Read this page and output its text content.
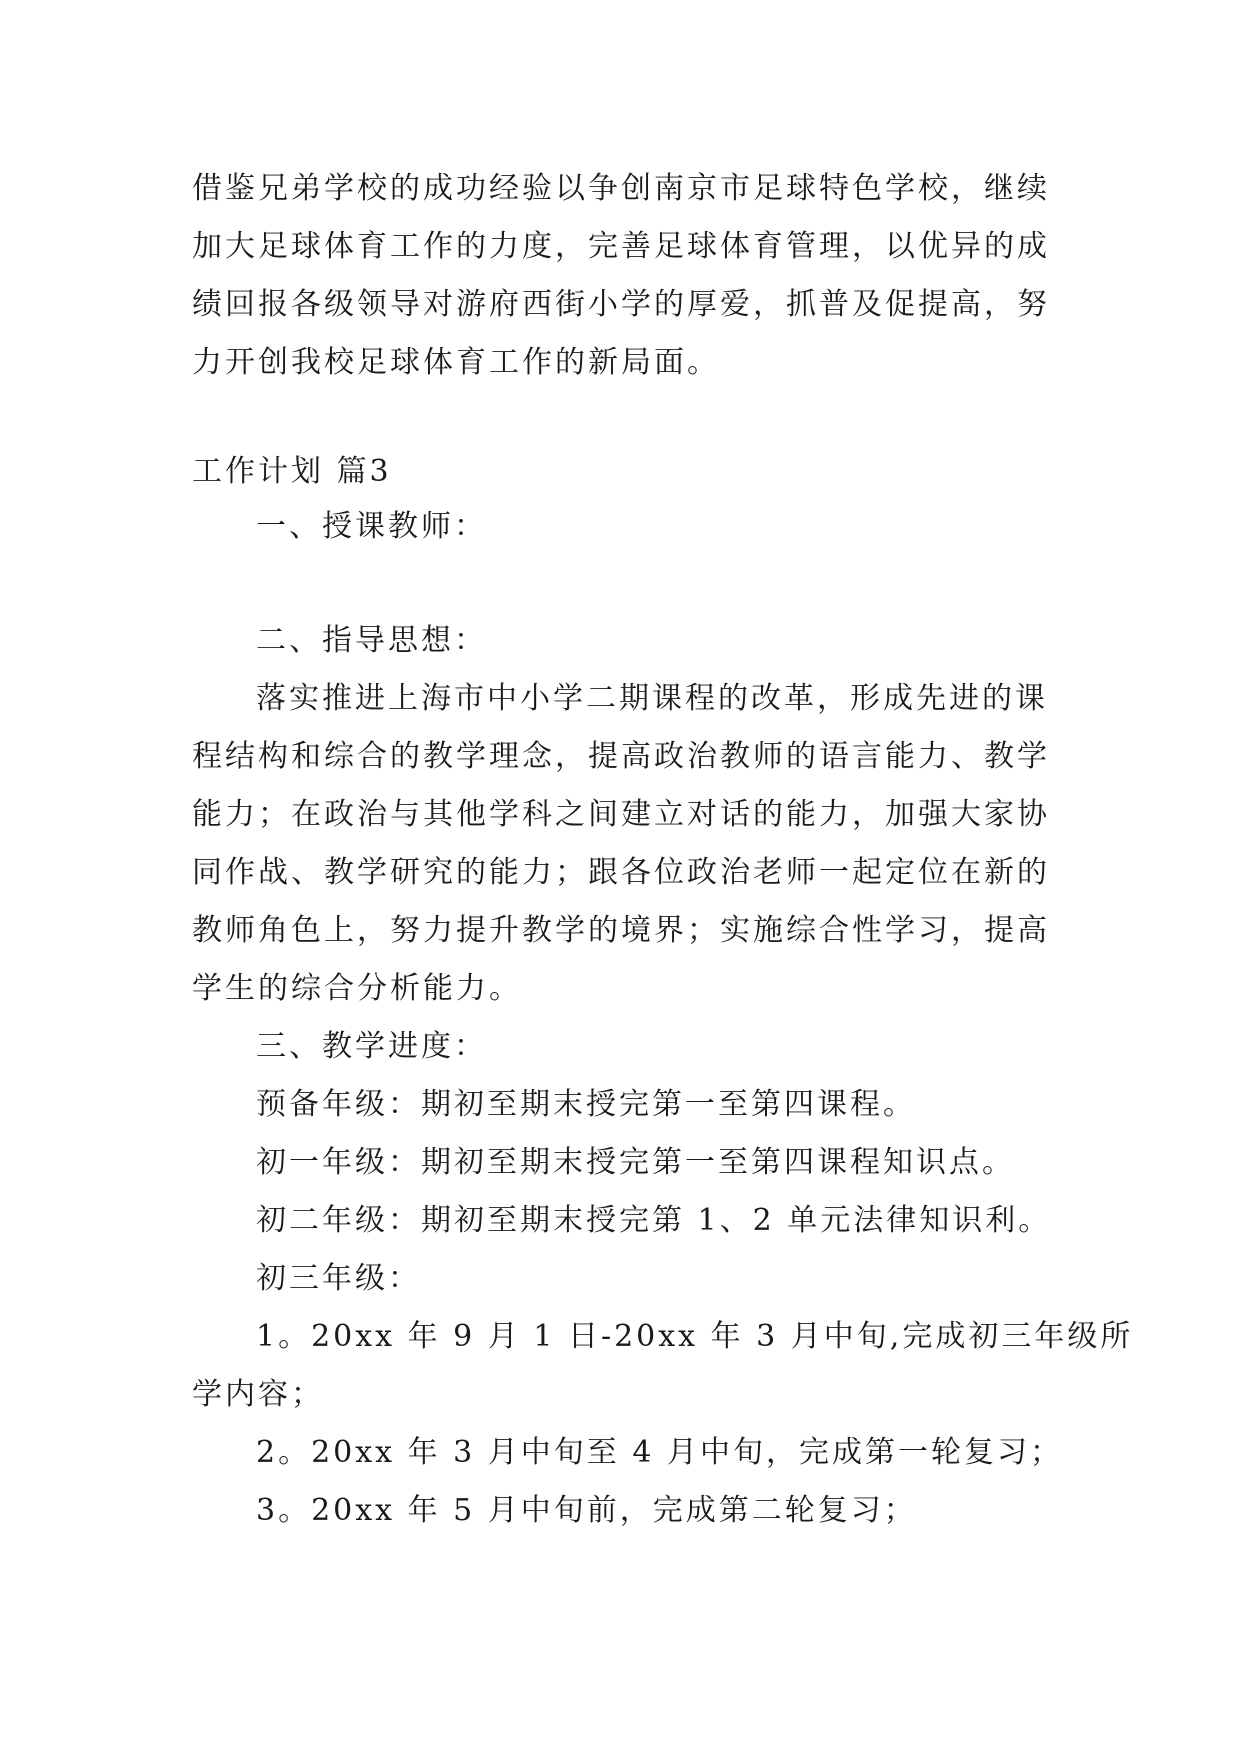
借鉴兄弟学校的成功经验以争创南京市足球特色学校，继续
加大足球体育工作的力度，完善足球体育管理，以优异的成
绩回报各级领导对游府西街小学的厚爱，抓普及促提高，努
力开创我校足球体育工作的新局面。
工作计划 篇3
一、授课教师：
二、指导思想：
落实推进上海市中小学二期课程的改革，形成先进的课
程结构和综合的教学理念，提高政治教师的语言能力、教学
能力；在政治与其他学科之间建立对话的能力，加强大家协
同作战、教学研究的能力；跟各位政治老师一起定位在新的
教师角色上，努力提升教学的境界；实施综合性学习，提高
学生的综合分析能力。
三、教学进度：
预备年级：期初至期末授完第一至第四课程。
初一年级：期初至期末授完第一至第四课程知识点。
初二年级：期初至期末授完第 1、2 单元法律知识利。
初三年级：
1。20xx 年 9 月 1 日-20xx 年 3 月中旬,完成初三年级所
学内容；
2。20xx 年 3 月中旬至 4 月中旬，完成第一轮复习；
3。20xx 年 5 月中旬前，完成第二轮复习；
